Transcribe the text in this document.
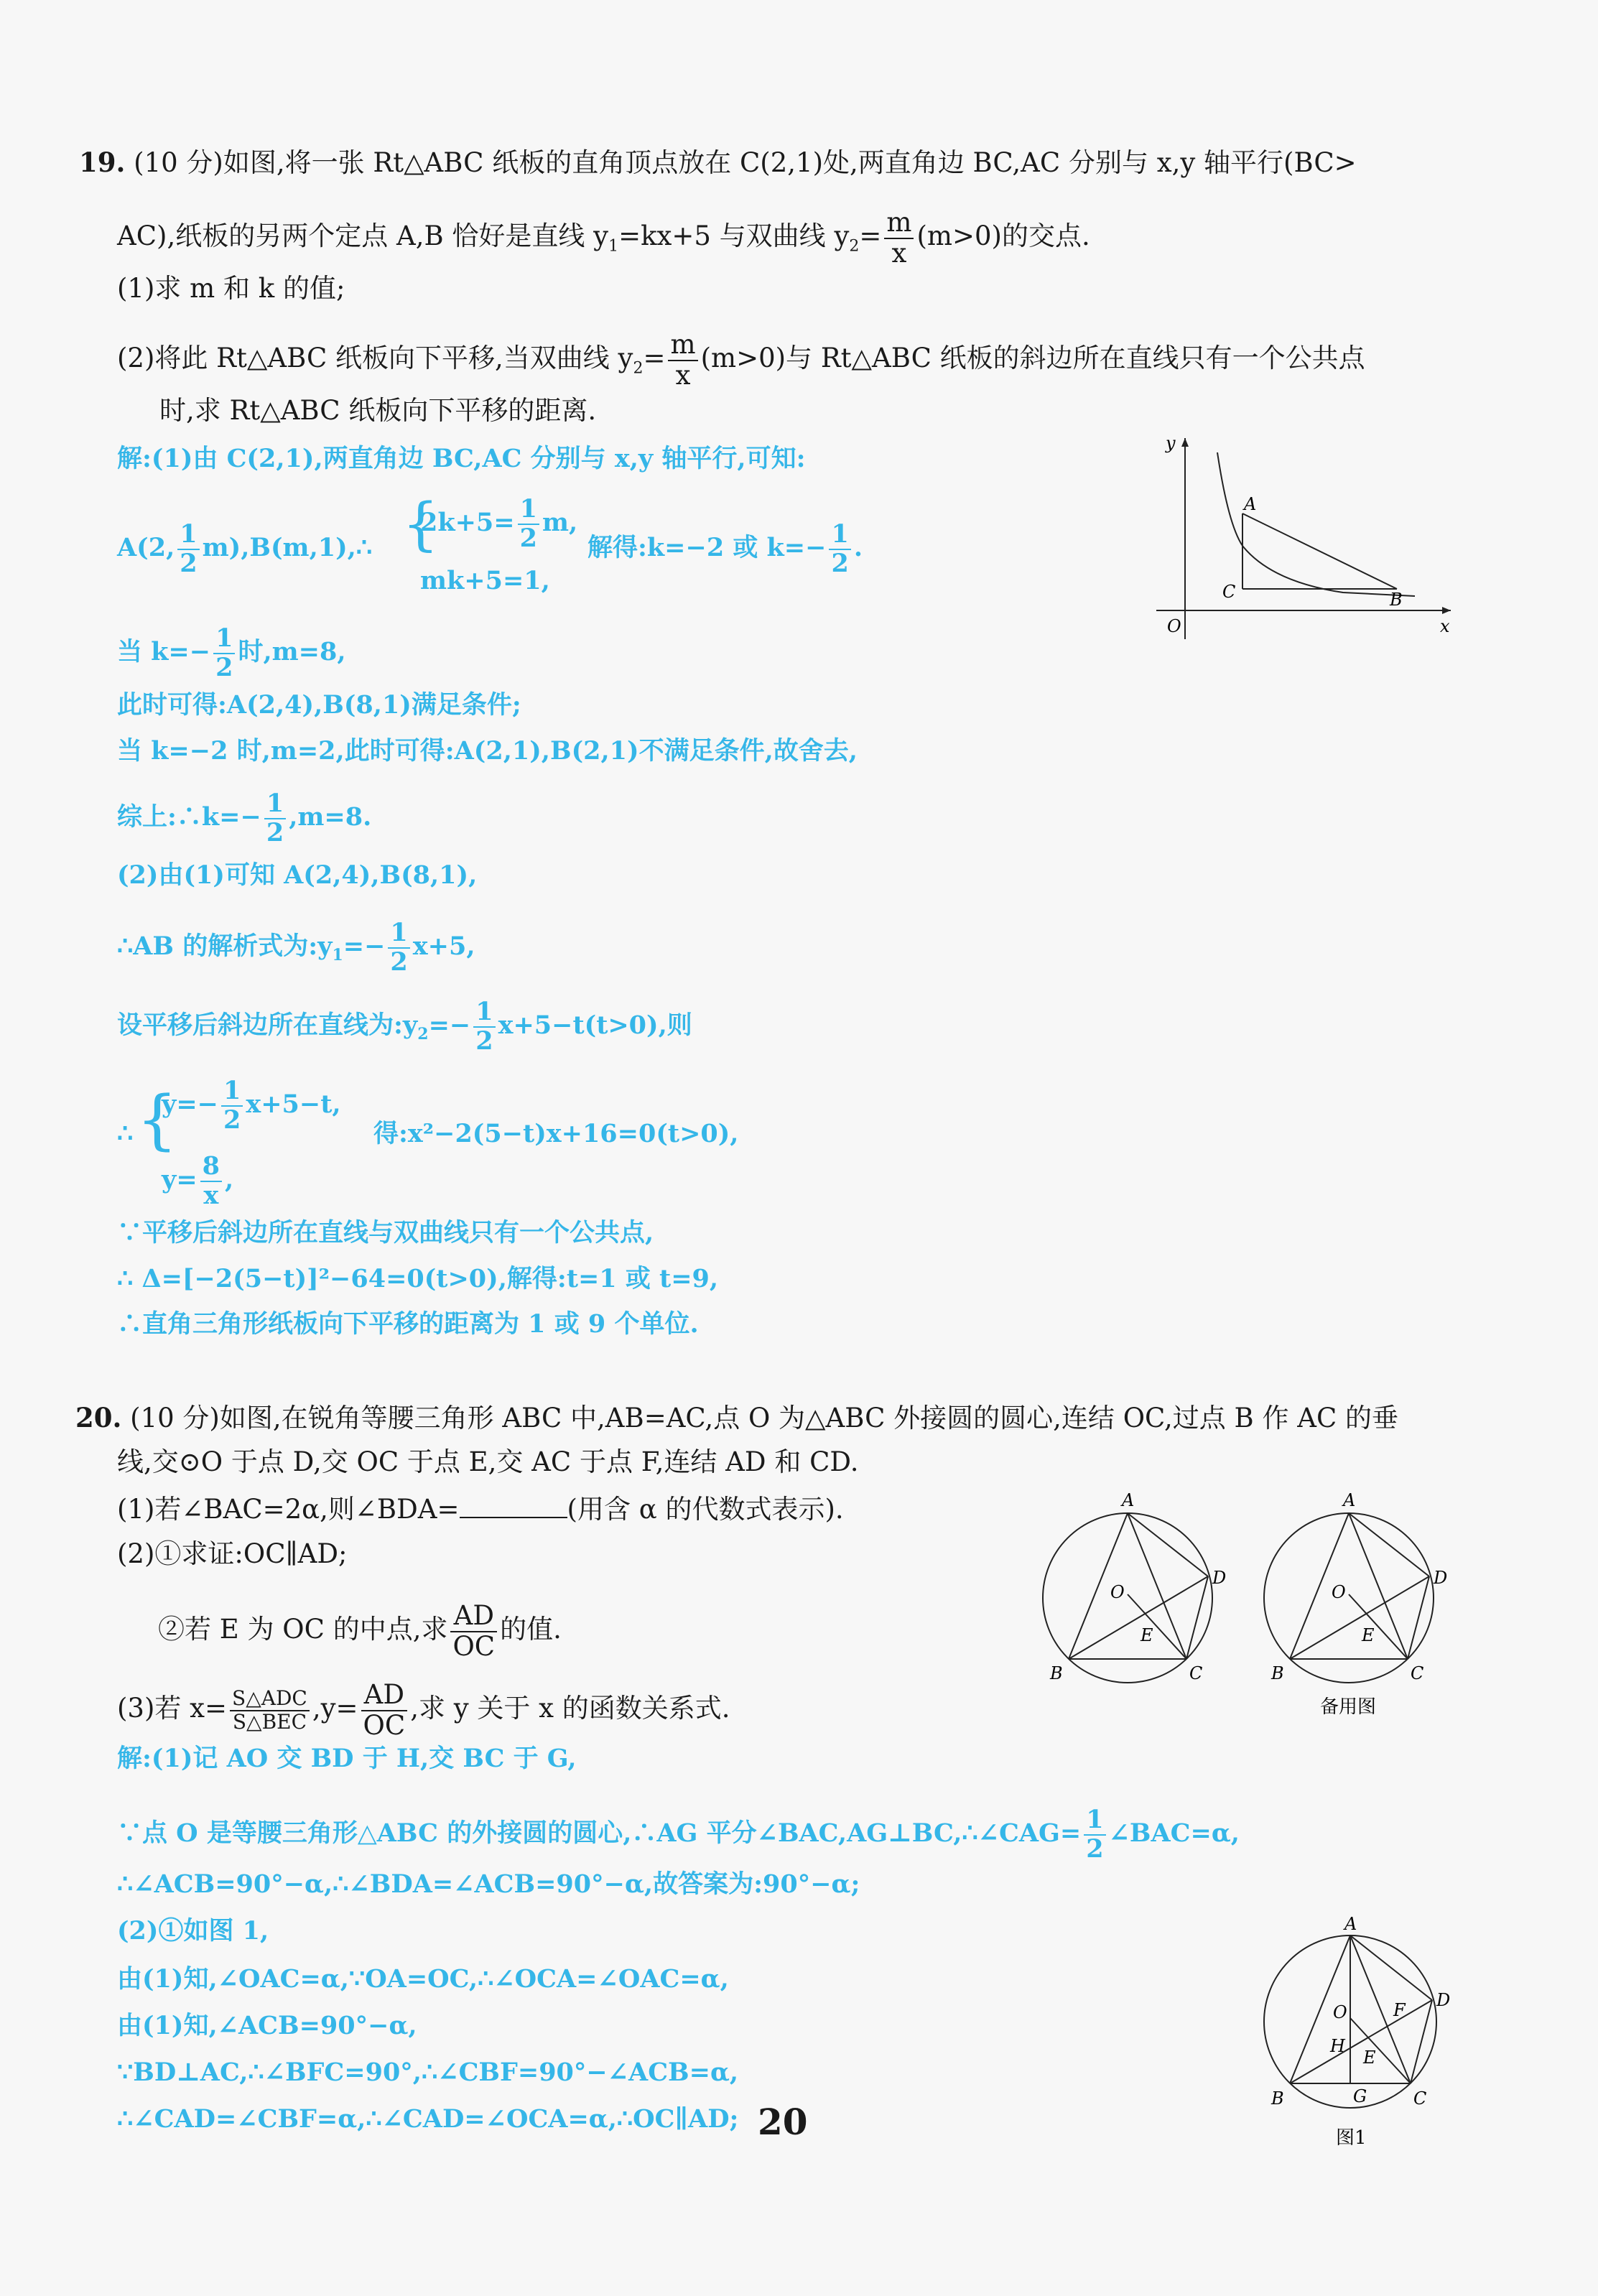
19. (10 分)如图,将一张 Rt△ABC 纸板的直角顶点放在 C(2,1)处,两直角边 BC,AC 分别与 x,y 轴平行(BC>
AC),纸板的另两个定点 A,B 恰好是直线 $y_1=kx+5$ 与双曲线 $y_2= \frac{m}{x} (m>0)$的交点.
(1)求 m 和 k 的值;
(2)将此 Rt△ABC 纸板向下平移,当双曲线 $y_2= \frac{m}{x} (m>0)$与 Rt△ABC 纸板的斜边所在直线只有一个公共点
时,求 Rt△ABC 纸板向下平移的距离.
解:(1)由 C(2,1),两直角边 BC,AC 分别与 x,y 轴平行,可知:
A(2, $\frac{1}{2}$ m),B(m,1),∴ {
$2k+5= \frac{1}{2} m$,
mk+5=1,
解得:k=−2 或 $k=- \frac{1}{2}$ .
当 $k=- \frac{1}{2}$ 时,m=8,
此时可得:A(2,4),B(8,1)满足条件;
当 k=−2 时,m=2,此时可得:A(2,1),B(2,1)不满足条件,故舍去,
综上:∴k=− $\frac{1}{2} ,m=8$.
(2)由(1)可知 A(2,4),B(8,1),
∴AB 的解析式为$:y_1=- \frac{1}{2} x+5$,
设平移后斜边所在直线为$:y_2=- \frac{1}{2} x+5-t(t>0)$,则
∴ {
$y=- \frac{1}{2} x+5-t$,
$y= \frac{8}{x}$ ,
得:x²−2(5−t)x+16=0(t>0),
∵平移后斜边所在直线与双曲线只有一个公共点,
∴ Δ=[−2(5−t)]²−64=0(t>0),解得:t=1 或 t=9,
∴直角三角形纸板向下平移的距离为 1 或 9 个单位.
y
x
O
A
B
C
20. (10 分)如图,在锐角等腰三角形 ABC 中,AB=AC,点 O 为△ABC 外接圆的圆心,连结 OC,过点 B 作 AC 的垂
线,交⊙O 于点 D,交 OC 于点 E,交 AC 于点 F,连结 AD 和 CD.
(1)若∠BAC=2α,则∠BDA=	(用含 α 的代数式表示).
(2)①求证:OC∥AD;
②若 E 为 OC 的中点,求 $\frac{AD}{OC}$ 的值.
(3)若 $x= \frac{\text{S△ADC}}{\text{S△BEC}} ,y= \frac{AD}{OC}$ ,求 y 关于 x 的函数关系式.
A
B	C
D
E
O
A
B	C
D
E
O
备用图
解:(1)记 AO 交 BD 于 H,交 BC 于 G,
∵点 O 是等腰三角形△ABC 的外接圆的圆心,∴AG 平分∠BAC,AG⊥BC,∴∠CAG= $\frac{1}{2}$ ∠BAC=α,
∴∠ACB=90°−α,∴∠BDA=∠ACB=90°−α,故答案为:90°−α;
(2)①如图 1,
由(1)知,∠OAC=α,∵OA=OC,∴∠OCA=∠OAC=α,
由(1)知,∠ACB=90°−α,
∵BD⊥AC,∴∠BFC=90°,∴∠CBF=90°−∠ACB=α,
∴∠CAD=∠CBF=α,∴∠CAD=∠OCA=α,∴OC∥AD;
A
B	C
D
E
O	F
G
H
图1
20
